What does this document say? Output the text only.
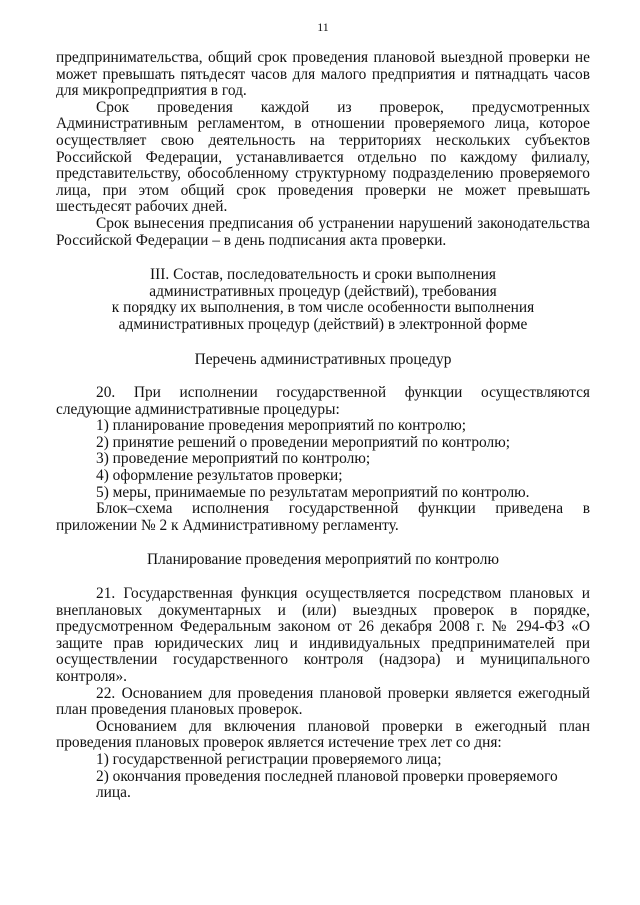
11

предпринимательства, общий срок проведения плановой выездной проверки не может превышать пятьдесят часов для малого предприятия и пятнадцать часов для микропредприятия в год.

Срок проведения каждой из проверок, предусмотренных Административным регламентом, в отношении проверяемого лица, которое осуществляет свою деятельность на территориях нескольких субъектов Российской Федерации, устанавливается отдельно по каждому филиалу, представительству, обособленному структурному подразделению проверяемого лица, при этом общий срок проведения проверки не может превышать шестьдесят рабочих дней.

Срок вынесения предписания об устранении нарушений законодательства Российской Федерации – в день подписания акта проверки.

III. Состав, последовательность и сроки выполнения
административных процедур (действий), требования
к порядку их выполнения, в том числе особенности выполнения
административных процедур (действий) в электронной форме
Перечень административных процедур

20. При исполнении государственной функции осуществляются следующие административные процедуры:

1) планирование проведения мероприятий по контролю;

2) принятие решений о проведении мероприятий по контролю;

3) проведение мероприятий по контролю;

4) оформление результатов проверки;

5) меры, принимаемые по результатам мероприятий по контролю.

Блок–схема исполнения государственной функции приведена в приложении № 2 к Административному регламенту.

Планирование проведения мероприятий по контролю

21. Государственная функция осуществляется посредством плановых и внеплановых документарных и (или) выездных проверок в порядке, предусмотренном Федеральным законом от 26 декабря 2008 г. № 294-ФЗ «О защите прав юридических лиц и индивидуальных предпринимателей при осуществлении государственного контроля (надзора) и муниципального контроля».

22. Основанием для проведения плановой проверки является ежегодный план проведения плановых проверок.

Основанием для включения плановой проверки в ежегодный план проведения плановых проверок является истечение трех лет со дня:

1) государственной регистрации проверяемого лица;

2) окончания проведения последней плановой проверки проверяемого лица.
